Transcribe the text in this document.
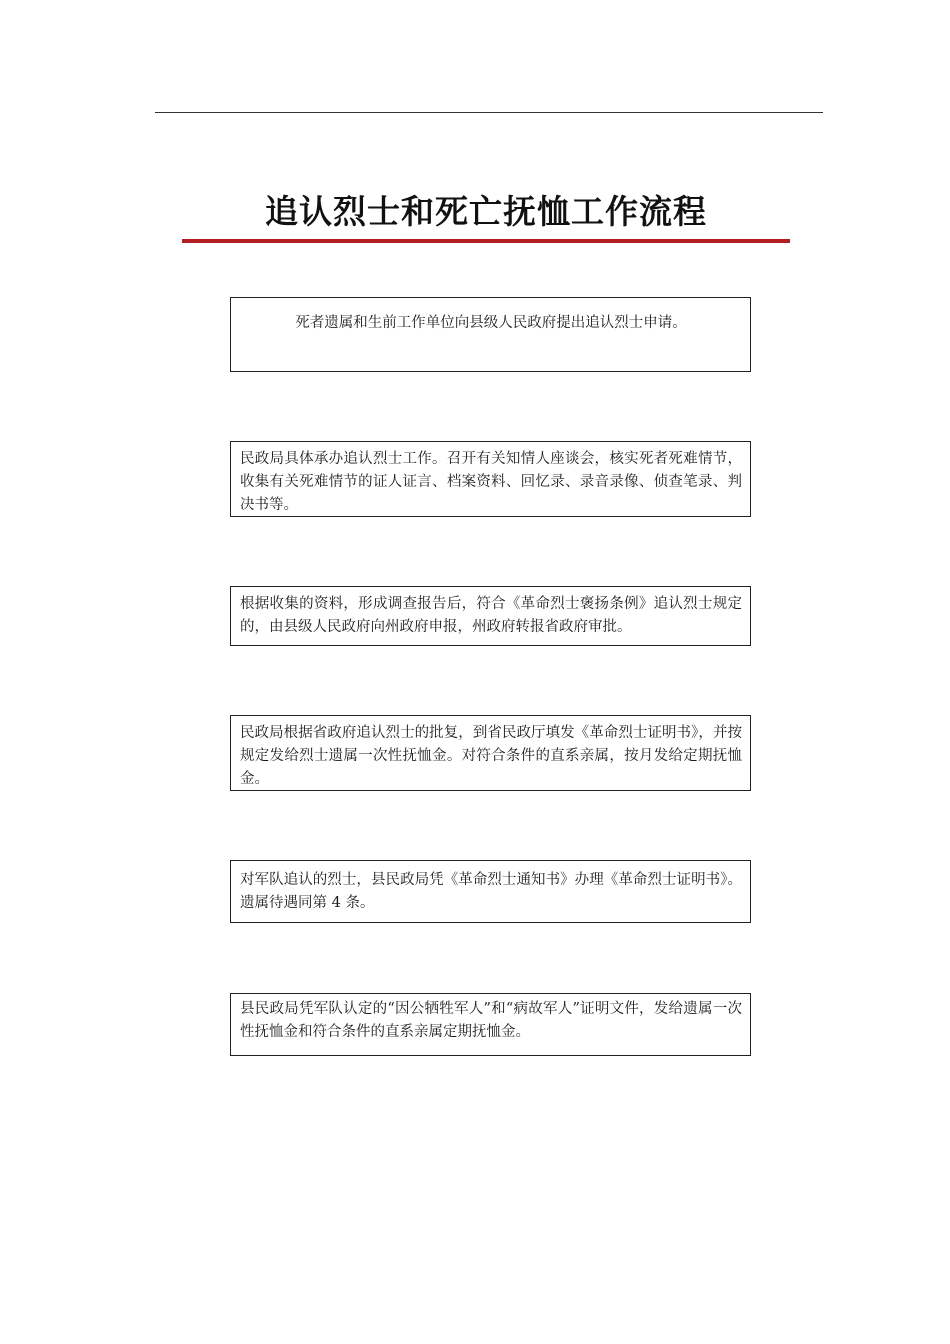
追认烈士和死亡抚恤工作流程
死者遗属和生前工作单位向县级人民政府提出追认烈士申请。
民政局具体承办追认烈士工作。召开有关知情人座谈会，核实死者死难情节，收集有关死难情节的证人证言、档案资料、回忆录、录音录像、侦查笔录、判决书等。
根据收集的资料，形成调查报告后，符合《革命烈士褒扬条例》追认烈士规定的，由县级人民政府向州政府申报，州政府转报省政府审批。
民政局根据省政府追认烈士的批复，到省民政厅填发《革命烈士证明书》，并按规定发给烈士遗属一次性抚恤金。对符合条件的直系亲属，按月发给定期抚恤金。
对军队追认的烈士，县民政局凭《革命烈士通知书》办理《革命烈士证明书》。遗属待遇同第 4 条。
县民政局凭军队认定的“因公牺牲军人”和“病故军人”证明文件，发给遗属一次性抚恤金和符合条件的直系亲属定期抚恤金。
